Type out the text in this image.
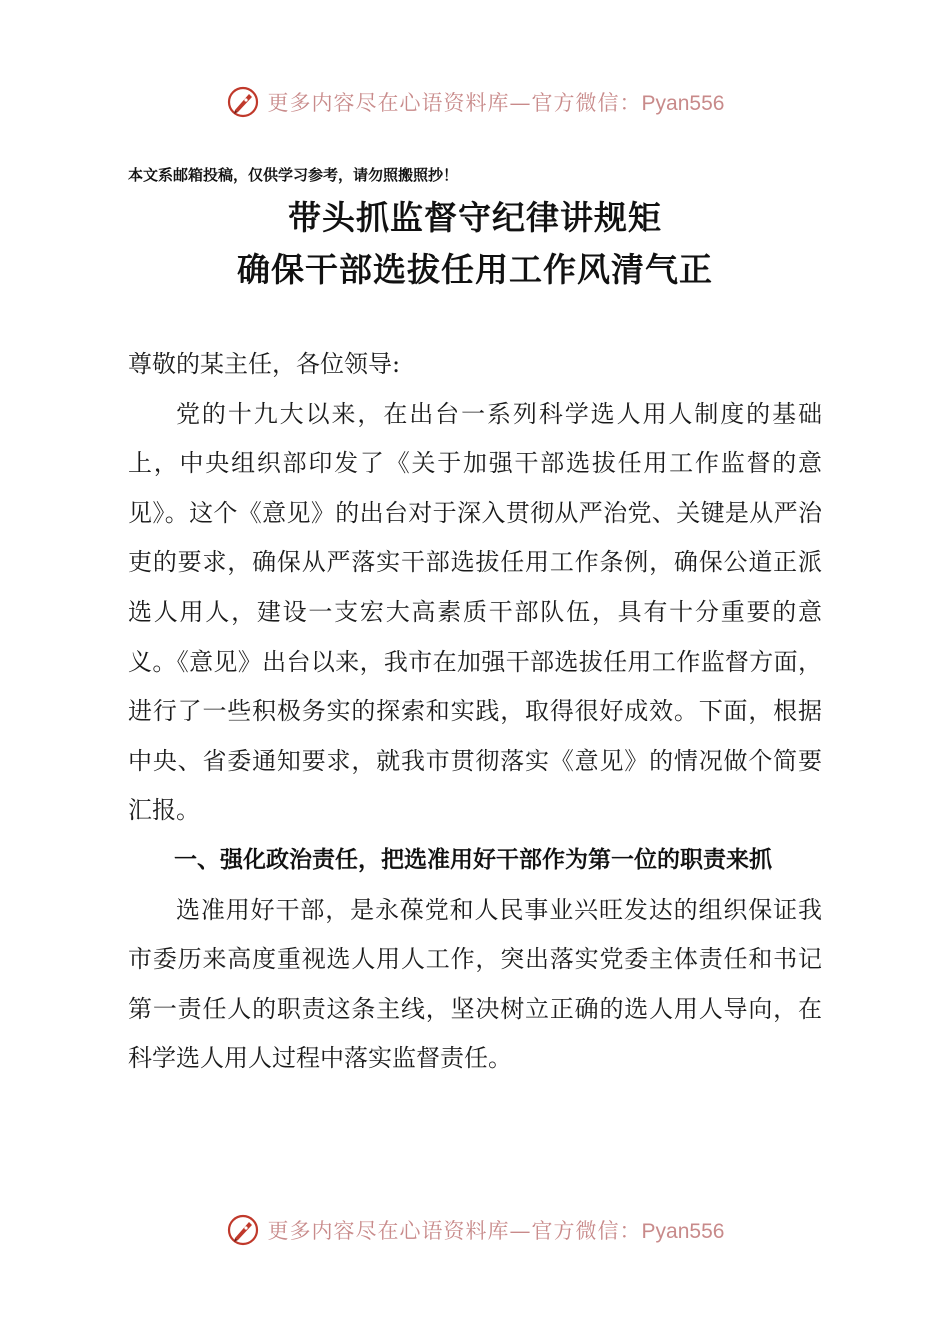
更多内容尽在心语资料库—官方微信：Pyan556
本文系邮箱投稿，仅供学习参考，请勿照搬照抄！
带头抓监督守纪律讲规矩
确保干部选拔任用工作风清气正

尊敬的某主任，各位领导:

党的十九大以来，在出台一系列科学选人用人制度的基础上，中央组织部印发了《关于加强干部选拔任用工作监督的意见》。这个《意见》的出台对于深入贯彻从严治党、关键是从严治吏的要求，确保从严落实干部选拔任用工作条例，确保公道正派选人用人，建设一支宏大高素质干部队伍，具有十分重要的意义。《意见》出台以来，我市在加强干部选拔任用工作监督方面，进行了一些积极务实的探索和实践，取得很好成效。下面，根据中央、省委通知要求，就我市贯彻落实《意见》的情况做个简要汇报。

一、强化政治责任，把选准用好干部作为第一位的职责来抓

选准用好干部，是永葆党和人民事业兴旺发达的组织保证我市委历来高度重视选人用人工作，突出落实党委主体责任和书记第一责任人的职责这条主线，坚决树立正确的选人用人导向，在科学选人用人过程中落实监督责任。

更多内容尽在心语资料库—官方微信：Pyan556
